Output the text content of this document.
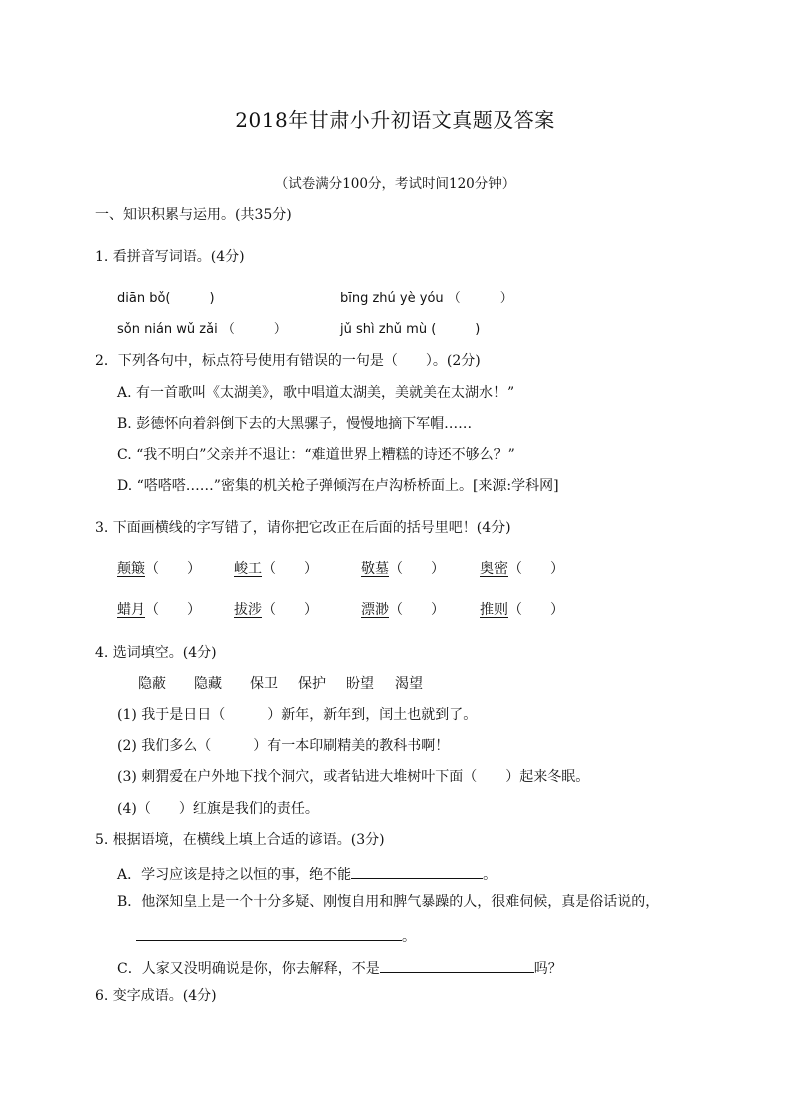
2018年甘肃小升初语文真题及答案
（试卷满分100分，考试时间120分钟）
一、知识积累与运用。(共35分)
1. 看拼音写词语。(4分)
diān bǒ(　　　)	bīng zhú yè yóu （　　　）
sǒn nián wǔ zǎi （　　　）	jǔ shì zhǔ mù (　　　)
2．下列各句中，标点符号使用有错误的一句是（　　）。(2分)
A. 有一首歌叫《太湖美》，歌中唱道太湖美，美就美在太湖水！”
B. 彭德怀向着斜倒下去的大黑骡子，慢慢地摘下军帽……
C. “我不明白”父亲并不退让：“难道世界上糟糕的诗还不够么？”
D. “嗒嗒嗒……”密集的机关枪子弹倾泻在卢沟桥桥面上。[来源:学科网]
3. 下面画横线的字写错了，请你把它改正在后面的括号里吧！(4分)
颠簸（　　） 峻工（　　）	敬墓（　　）	奥密（　　）
蜡月（　　） 拔涉（　　）	漂渺（　　）	推则（　　）
4. 选词填空。(4分)
隐蔽 隐藏 保卫 保护 盼望 渴望
(1) 我于是日日（　　　）新年，新年到，闰土也就到了。
(2) 我们多么（　　　）有一本印刷精美的教科书啊！
(3) 刺猬爱在户外地下找个洞穴，或者钻进大堆树叶下面（　　）起来冬眠。
(4)（　　）红旗是我们的责任。
5. 根据语境，在横线上填上合适的谚语。(3分)
A．学习应该是持之以恒的事，绝不能	。
B．他深知皇上是一个十分多疑、刚愎自用和脾气暴躁的人，很难伺候，真是俗话说的，
。
C．人家又没明确说是你，你去解释，不是	吗？
6. 变字成语。(4分)
